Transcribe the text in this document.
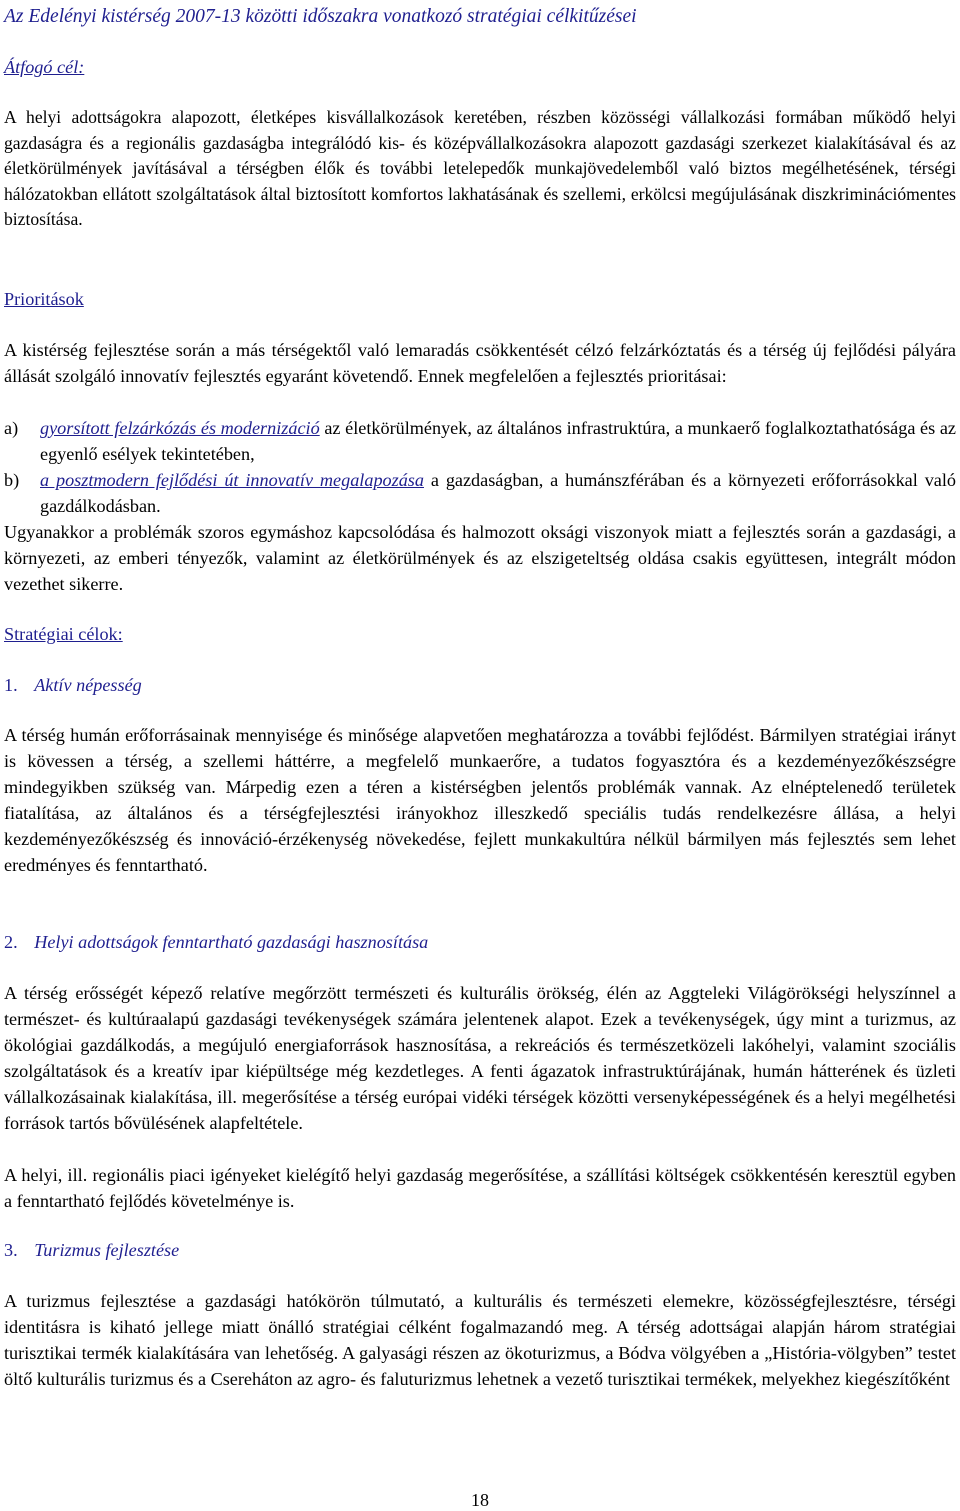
Az Edelényi kistérség 2007-13 közötti időszakra vonatkozó stratégiai célkitűzései
Átfogó cél:
A helyi adottságokra alapozott, életképes kisvállalkozások keretében, részben közösségi vállalkozási formában működő helyi gazdaságra és a regionális gazdaságba integrálódó kis- és középvállalkozásokra alapozott gazdasági szerkezet kialakításával és az életkörülmények javításával a térségben élők és további letelepedők munkajövedelemből való biztos megélhetésének, térségi hálózatokban ellátott szolgáltatások által biztosított komfortos lakhatásának és szellemi, erkölcsi megújulásának diszkriminációmentes biztosítása.
Prioritások
A kistérség fejlesztése során a más térségektől való lemaradás csökkentését célzó felzárkóztatás és a térség új fejlődési pályára állását szolgáló innovatív fejlesztés egyaránt követendő. Ennek megfelelően a fejlesztés prioritásai:
a) gyorsított felzárkózás és modernizáció az életkörülmények, az általános infrastruktúra, a munkaerő foglalkoztathatósága és az egyenlő esélyek tekintetében,
b) a posztmodern fejlődési út innovatív megalapozása a gazdaságban, a humánszférában és a környezeti erőforrásokkal való gazdálkodásban.
Ugyanakkor a problémák szoros egymáshoz kapcsolódása és halmozott oksági viszonyok miatt a fejlesztés során a gazdasági, a környezeti, az emberi tényezők, valamint az életkörülmények és az elszigeteltség oldása csakis együttesen, integrált módon vezethet sikerre.
Stratégiai célok:
1. Aktív népesség
A térség humán erőforrásainak mennyisége és minősége alapvetően meghatározza a további fejlődést. Bármilyen stratégiai irányt is kövessen a térség, a szellemi háttérre, a megfelelő munkaerőre, a tudatos fogyasztóra és a kezdeményezőkészségre mindegyikben szükség van. Márpedig ezen a téren a kistérségben jelentős problémák vannak. Az elnéptelenedő területek fiatalítása, az általános és a térségfejlesztési irányokhoz illeszkedő speciális tudás rendelkezésre állása, a helyi kezdeményezőkészség és innováció-érzékenység növekedése, fejlett munkakultúra nélkül bármilyen más fejlesztés sem lehet eredményes és fenntartható.
2. Helyi adottságok fenntartható gazdasági hasznosítása
A térség erősségét képező relatíve megőrzött természeti és kulturális örökség, élén az Aggteleki Világörökségi helyszínnel a természet- és kultúraalapú gazdasági tevékenységek számára jelentenek alapot. Ezek a tevékenységek, úgy mint a turizmus, az ökológiai gazdálkodás, a megújuló energiaforrások hasznosítása, a rekreációs és természetközeli lakóhelyi, valamint szociális szolgáltatások és a kreatív ipar kiépültsége még kezdetleges. A fenti ágazatok infrastruktúrájának, humán hátterének és üzleti vállalkozásainak kialakítása, ill. megerősítése a térség európai vidéki térségek közötti versenyképességének és a helyi megélhetési források tartós bővülésének alapfeltétele.
A helyi, ill. regionális piaci igényeket kielégítő helyi gazdaság megerősítése, a szállítási költségek csökkentésén keresztül egyben a fenntartható fejlődés követelménye is.
3. Turizmus fejlesztése
A turizmus fejlesztése a gazdasági hatókörön túlmutató, a kulturális és természeti elemekre, közösségfejlesztésre, térségi identitásra is kiható jellege miatt önálló stratégiai célként fogalmazandó meg. A térség adottságai alapján három stratégiai turisztikai termék kialakítására van lehetőség. A galyasági részen az ökoturizmus, a Bódva völgyében a „História-völgyben” testet öltő kulturális turizmus és a Csereháton az agro- és faluturizmus lehetnek a vezető turisztikai termékek, melyekhez kiegészítőként
18
